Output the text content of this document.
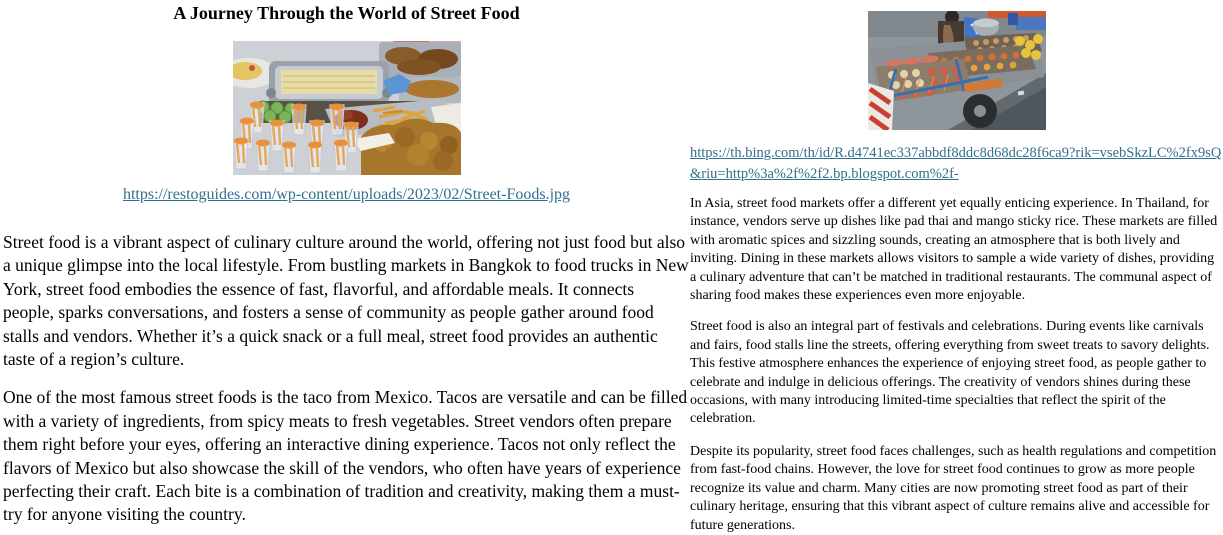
A Journey Through the World of Street Food
https://restoguides.com/wp-content/uploads/2023/02/Street-Foods.jpg

Street food is a vibrant aspect of culinary culture around the world, offering not just food but also a unique glimpse into the local lifestyle. From bustling markets in Bangkok to food trucks in New York, street food embodies the essence of fast, flavorful, and affordable meals. It connects people, sparks conversations, and fosters a sense of community as people gather around food stalls and vendors. Whether it’s a quick snack or a full meal, street food provides an authentic taste of a region’s culture.

One of the most famous street foods is the taco from Mexico. Tacos are versatile and can be filled with a variety of ingredients, from spicy meats to fresh vegetables. Street vendors often prepare them right before your eyes, offering an interactive dining experience. Tacos not only reflect the flavors of Mexico but also showcase the skill of the vendors, who often have years of experience perfecting their craft. Each bite is a combination of tradition and creativity, making them a must-try for anyone visiting the country.

https://th.bing.com/th/id/R.d4741ec337abbdf8ddc8d68dc28f6ca9?rik=vsebSkzLC%2fx9sQ&riu=http%3a%2f%2f2.bp.blogspot.com%2f-

In Asia, street food markets offer a different yet equally enticing experience. In Thailand, for instance, vendors serve up dishes like pad thai and mango sticky rice. These markets are filled with aromatic spices and sizzling sounds, creating an atmosphere that is both lively and inviting. Dining in these markets allows visitors to sample a wide variety of dishes, providing a culinary adventure that can’t be matched in traditional restaurants. The communal aspect of sharing food makes these experiences even more enjoyable.

Street food is also an integral part of festivals and celebrations. During events like carnivals and fairs, food stalls line the streets, offering everything from sweet treats to savory delights. This festive atmosphere enhances the experience of enjoying street food, as people gather to celebrate and indulge in delicious offerings. The creativity of vendors shines during these occasions, with many introducing limited-time specialties that reflect the spirit of the celebration.

Despite its popularity, street food faces challenges, such as health regulations and competition from fast-food chains. However, the love for street food continues to grow as more people recognize its value and charm. Many cities are now promoting street food as part of their culinary heritage, ensuring that this vibrant aspect of culture remains alive and accessible for future generations.
